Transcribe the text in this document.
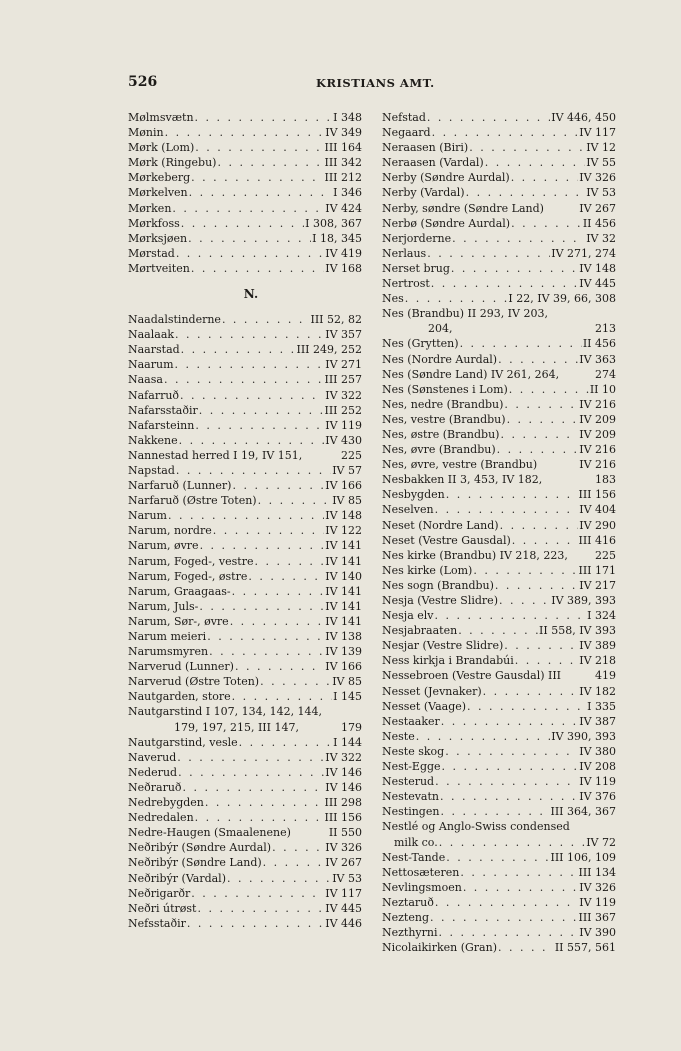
526	KRISTIANS AMT.
Mølmsvætn . . .	I 348
Mønin . . .	IV 349
Mørk (Lom) . . .	III 164
Mørk (Ringebu) . . .	III 342
Mørkeberg . . .	III 212
Mørkelven . . .	I 346
Mørken . . .	IV 424
Mørkfoss . . .	I 308, 367
Mørksjøen . . .	I 18, 345
Mørstad . . .	IV 419
Mørtveiten . . .	IV 168
N.
Naadalstinderne . . .	III 52, 82
Naalaak . . .	IV 357
Naarstad . . .	III 249, 252
Naarum . . .	IV 271
Naasa . . .	III 257
Nafarruð . . .	IV 322
Nafarsstaðir . . .	III 252
Nafarsteinn . . .	IV 119
Nakkene . . .	IV 430
Nannestad herred I 19, IV 151,	225
Napstad . . .	IV 57
Narfaruð (Lunner) . . .	IV 166
Narfaruð (Østre Toten) . . .	IV 85
Narum . . .	IV 148
Narum, nordre . . .	IV 122
Narum, øvre . . .	IV 141
Narum, Foged-, vestre . . .	IV 141
Narum, Foged-, østre . . .	IV 140
Narum, Graagaas- . . .	IV 141
Narum, Juls- . . .	IV 141
Narum, Sør-, øvre . . .	IV 141
Narum meieri . . .	IV 138
Narumsmyren . . .	IV 139
Narverud (Lunner) . . .	IV 166
Narverud (Østre Toten) . . .	IV 85
Nautgarden, store . . .	I 145
Nautgarstind I 107, 134, 142, 144,
179, 197, 215, III 147,	179
Nautgarstind, vesle . . .	I 144
Naverud . . .	IV 322
Nederud . . .	IV 146
Neðraruð . . .	IV 146
Nedrebygden . . .	III 298
Nedredalen . . .	III 156
Nedre-Haugen (Smaalenene)	II 550
Neðribýr (Søndre Aurdal) . . .	IV 326
Neðribýr (Søndre Land) . . .	IV 267
Neðribýr (Vardal) . . .	IV 53
Neðrigarðr . . .	IV 117
Neðri útrøst . . .	IV 445
Nefsstaðir . . .	IV 446
Nefstad . . .	IV 446, 450
Negaard . . .	IV 117
Neraasen (Biri) . . .	IV 12
Neraasen (Vardal) . . .	IV 55
Nerby (Søndre Aurdal) . . .	IV 326
Nerby (Vardal) . . .	IV 53
Nerby, søndre (Søndre Land)	IV 267
Nerbø (Søndre Aurdal) . . .	II 456
Nerjorderne . . .	IV 32
Nerlaus . . .	IV 271, 274
Nerset brug . . .	IV 148
Nertrost . . .	IV 445
Nes . . .	I 22, IV 39, 66, 308
Nes (Brandbu) II 293, IV 203,
204,	213
Nes (Grytten) . . .	II 456
Nes (Nordre Aurdal) . . .	IV 363
Nes (Søndre Land) IV 261, 264,	274
Nes (Sønstenes i Lom) . . .	II 10
Nes, nedre (Brandbu) . . .	IV 216
Nes, vestre (Brandbu) . . .	IV 209
Nes, østre (Brandbu) . . .	IV 209
Nes, øvre (Brandbu) . . .	IV 216
Nes, øvre, vestre (Brandbu)	IV 216
Nesbakken II 3, 453, IV 182,	183
Nesbygden . . .	III 156
Neselven . . .	IV 404
Neset (Nordre Land) . . .	IV 290
Neset (Vestre Gausdal) . . .	III 416
Nes kirke (Brandbu) IV 218, 223, 225
Nes kirke (Lom) . . .	III 171
Nes sogn (Brandbu) . . .	IV 217
Nesja (Vestre Slidre) . . .	IV 389, 393
Nesja elv . . .	I 324
Nesjabraaten . . .	II 558, IV 393
Nesjar (Vestre Slidre) . . .	IV 389
Ness kirkja i Brandabúi . . .	IV 218
Nessebroen (Vestre Gausdal) III	419
Nesset (Jevnaker) . . .	IV 182
Nesset (Vaage) . . .	I 335
Nestaaker . . .	IV 387
Neste . . .	IV 390, 393
Neste skog . . .	IV 380
Nest-Egge . . .	IV 208
Nesterud . . .	IV 119
Nestevatn . . .	IV 376
Nestingen . . .	III 364, 367
Nestlé og Anglo-Swiss condensed
milk co. . . .	IV 72
Nest-Tande . . .	III 106, 109
Nettosæteren . . .	III 134
Nevlingsmoen . . .	IV 326
Neztaruð . . .	IV 119
Nezteng . . .	III 367
Nezthyrni . . .	IV 390
Nicolaikirken (Gran) . . .	II 557, 561
